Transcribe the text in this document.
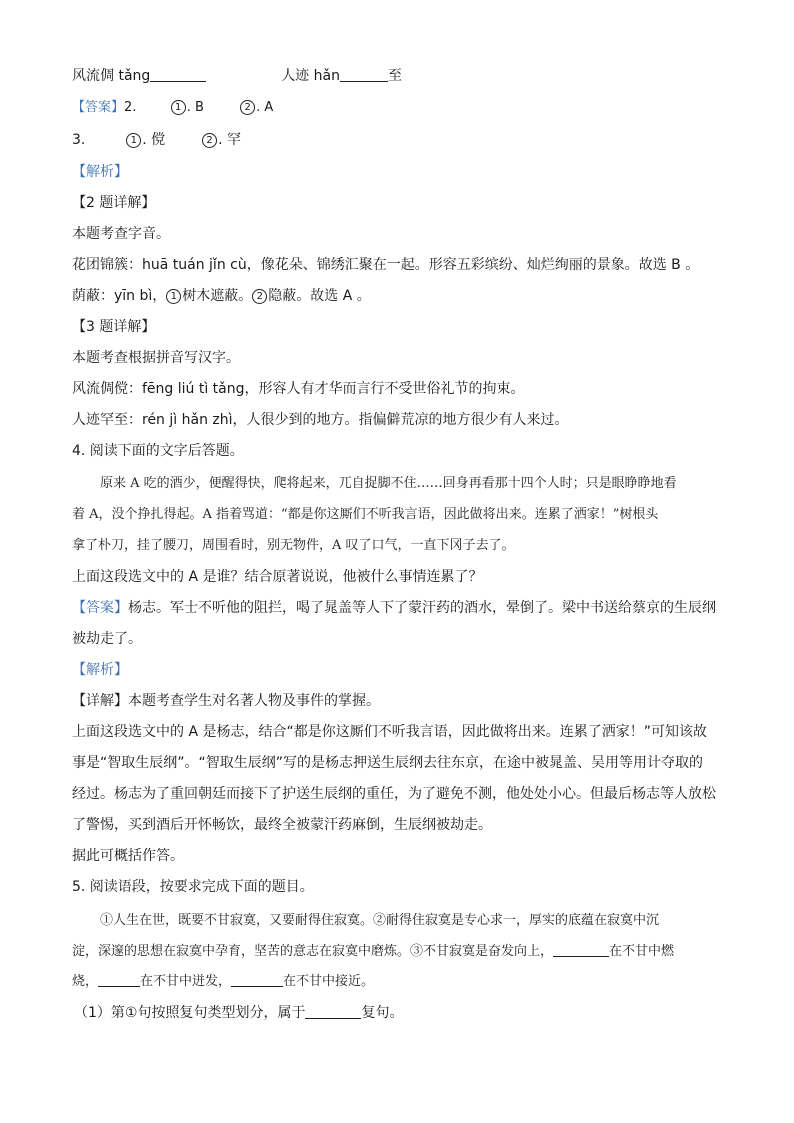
风流倜 tǎng	人迹 hǎn	至
【答案】2.	1 . B	2 . A
3.	1 . 傥	2 . 罕
【解析】
【2 题详解】
本题考查字音。
花团锦簇：huā tuán jǐn cù，像花朵、锦绣汇聚在一起。形容五彩缤纷、灿烂绚丽的景象。故选 B 。
荫蔽：yīn bì， 1 树木遮蔽。 2 隐蔽。故选 A 。
【3 题详解】
本题考查根据拼音写汉字。
风流倜傥：fēng liú tì tǎng，形容人有才华而言行不受世俗礼节的拘束。
人迹罕至：rén jì hǎn zhì，人很少到的地方。指偏僻荒凉的地方很少有人来过。
4. 阅读下面的文字后答题。
原来 A 吃的酒少，便醒得快，爬将起来，兀自捉脚不住……回身再看那十四个人时；只是眼睁睁地看
着 A，没个挣扎得起。A 指着骂道：“都是你这厮们不听我言语，因此做将出来。连累了洒家！”树根头
拿了朴刀，挂了腰刀，周围看时，别无物件，A 叹了口气，一直下冈子去了。
上面这段选文中的 A 是谁？结合原著说说，他被什么事情连累了？
【答案】杨志。军士不听他的阻拦，喝了晁盖等人下了蒙汗药的酒水，晕倒了。梁中书送给蔡京的生辰纲
被劫走了。
【解析】
【详解】本题考查学生对名著人物及事件的掌握。
上面这段选文中的 A 是杨志，结合“都是你这厮们不听我言语，因此做将出来。连累了洒家！”可知该故
事是“智取生辰纲”。“智取生辰纲”写的是杨志押送生辰纲去往东京，在途中被晁盖、吴用等用计夺取的
经过。杨志为了重回朝廷而接下了护送生辰纲的重任，为了避免不测，他处处小心。但最后杨志等人放松
了警惕，买到酒后开怀畅饮，最终全被蒙汗药麻倒，生辰纲被劫走。
据此可概括作答。
5. 阅读语段，按要求完成下面的题目。
①人生在世，既要不甘寂寞，又要耐得住寂寞。②耐得住寂寞是专心求一，厚实的底蕴在寂寞中沉
淀，深邃的思想在寂寞中孕育，坚苦的意志在寂寞中磨炼。③不甘寂寞是奋发向上，	在不甘中燃
烧，	在不甘中迸发，	在不甘中接近。
（1）第①句按照复句类型划分，属于	复句。
